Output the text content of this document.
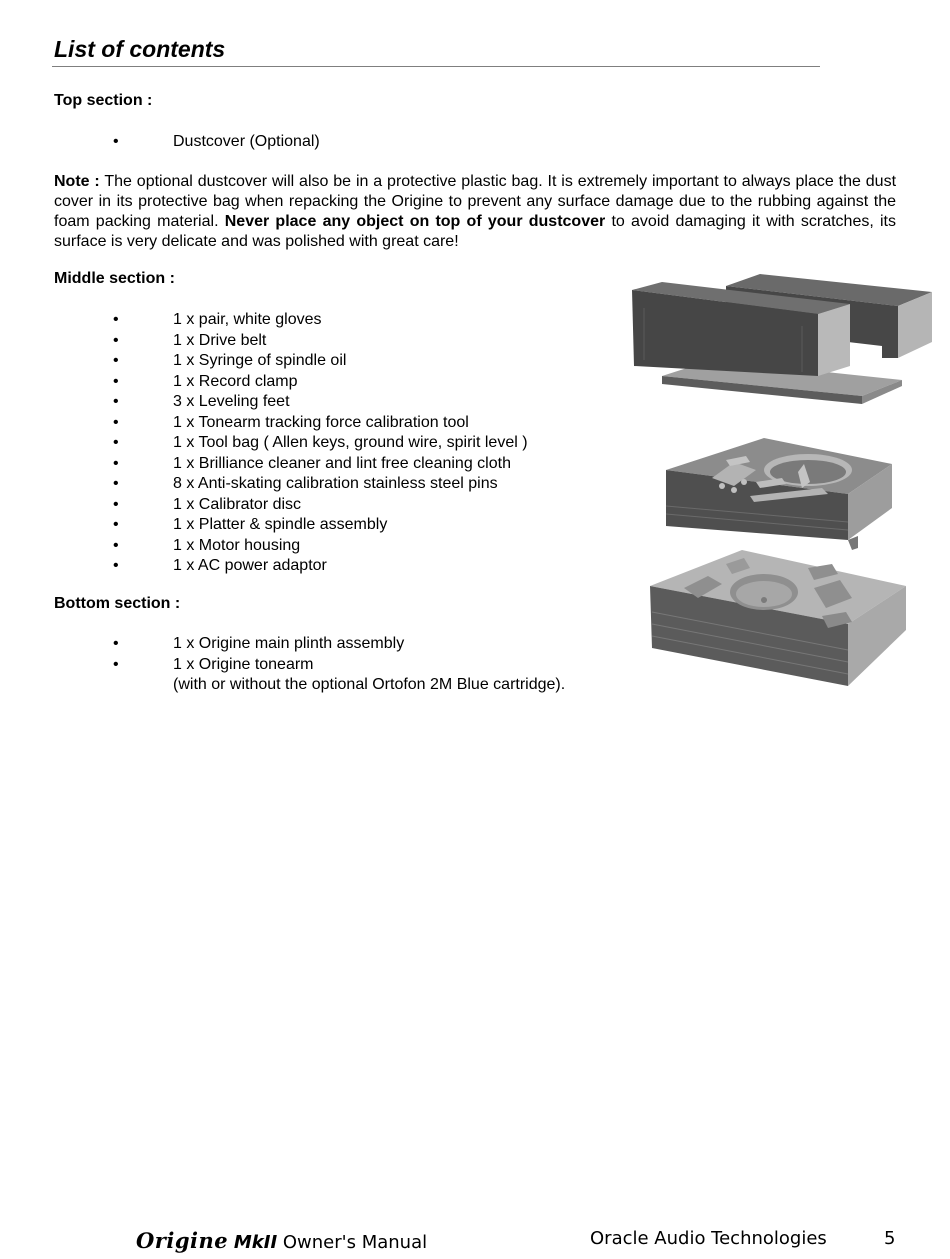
List of contents
Top section :
•	Dustcover (Optional)

Note : The optional dustcover will also be in a protective plastic bag. It is extremely important to always place the dust cover in its protective bag when repacking the Origine to prevent any surface damage due to the rubbing against the foam packing material. Never place any object on top of your dustcover to avoid damaging it with scratches, its surface is very delicate and was polished with great care!

Middle section :
•	1 x pair, white gloves
•	1 x Drive belt
•	1 x Syringe of spindle oil
•	1 x Record clamp
•	3 x Leveling feet
•	1 x Tonearm tracking force calibration tool
•	1 x Tool bag ( Allen keys, ground wire, spirit level )
•	1 x Brilliance cleaner and lint free cleaning cloth
•	8 x Anti-skating calibration stainless steel pins
•	1 x Calibrator disc
•	1 x Platter & spindle assembly
•	1 x Motor housing
•	1 x AC power adaptor
Bottom section :
•	1 x Origine main plinth assembly
•	1 x Origine tonearm
(with or without the optional Ortofon 2M Blue cartridge).
Origine MkII Owner's Manual	Oracle Audio Technologies	5
